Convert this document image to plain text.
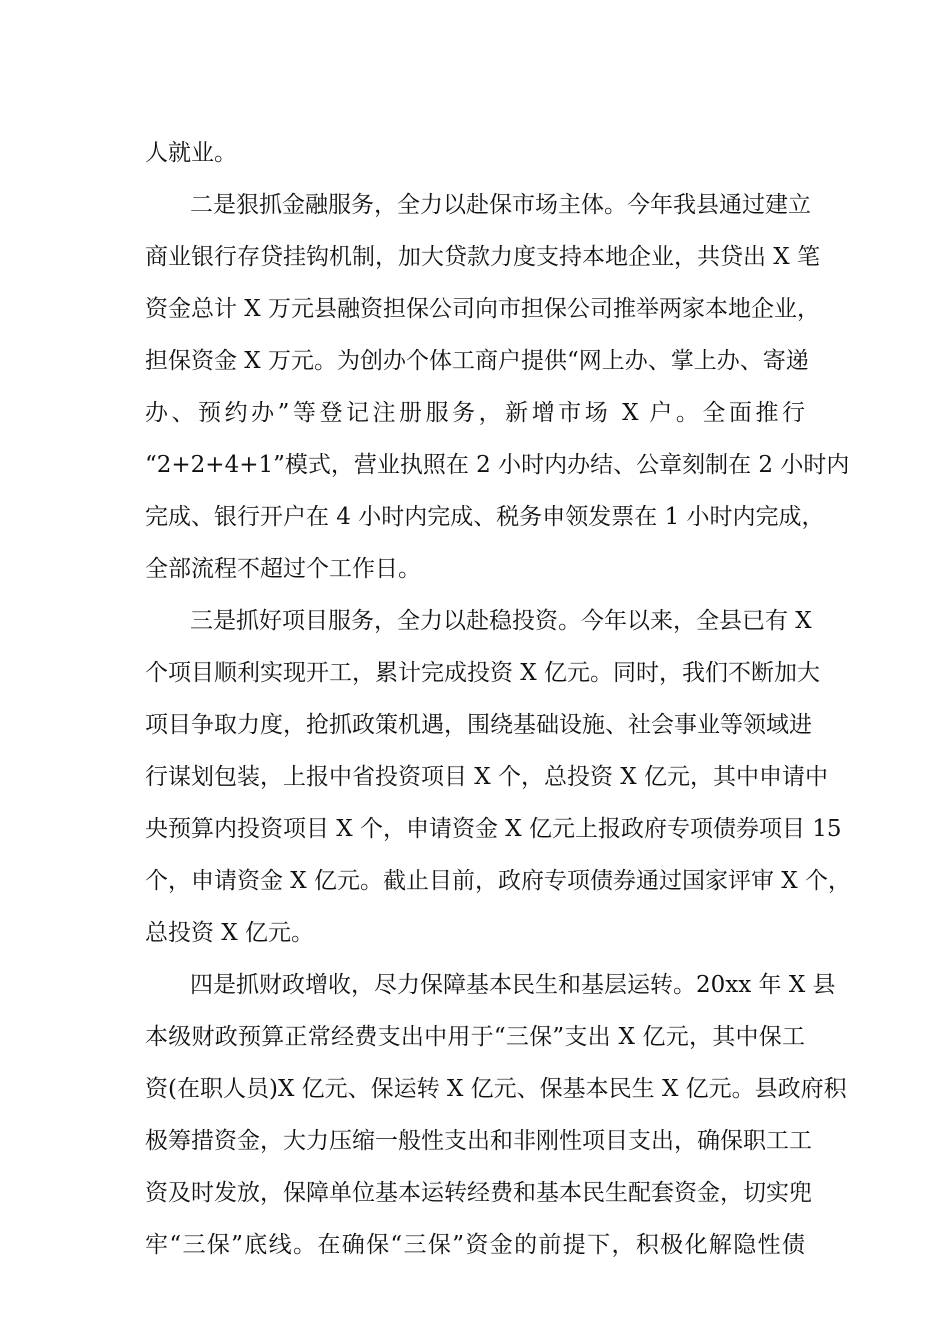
人就业。
二是狠抓金融服务，全力以赴保市场主体。今年我县通过建立
商业银行存贷挂钩机制，加大贷款力度支持本地企业，共贷出 X 笔
资金总计 X 万元县融资担保公司向市担保公司推举两家本地企业，
担保资金 X 万元。为创办个体工商户提供“网上办、掌上办、寄递
办、预约办”等登记注册服务，新增市场 X 户。全面推行
“2+2+4+1”模式，营业执照在 2 小时内办结、公章刻制在 2 小时内
完成、银行开户在 4 小时内完成、税务申领发票在 1 小时内完成，
全部流程不超过个工作日。
三是抓好项目服务，全力以赴稳投资。今年以来，全县已有 X
个项目顺利实现开工，累计完成投资 X 亿元。同时，我们不断加大
项目争取力度，抢抓政策机遇，围绕基础设施、社会事业等领域进
行谋划包装，上报中省投资项目 X 个，总投资 X 亿元，其中申请中
央预算内投资项目 X 个，申请资金 X 亿元上报政府专项债券项目 15
个，申请资金 X 亿元。截止目前，政府专项债券通过国家评审 X 个，
总投资 X 亿元。
四是抓财政增收，尽力保障基本民生和基层运转。20xx 年 X 县
本级财政预算正常经费支出中用于“三保”支出 X 亿元，其中保工
资(在职人员)X 亿元、保运转 X 亿元、保基本民生 X 亿元。县政府积
极筹措资金，大力压缩一般性支出和非刚性项目支出，确保职工工
资及时发放，保障单位基本运转经费和基本民生配套资金，切实兜
牢“三保”底线。在确保“三保”资金的前提下，积极化解隐性债
